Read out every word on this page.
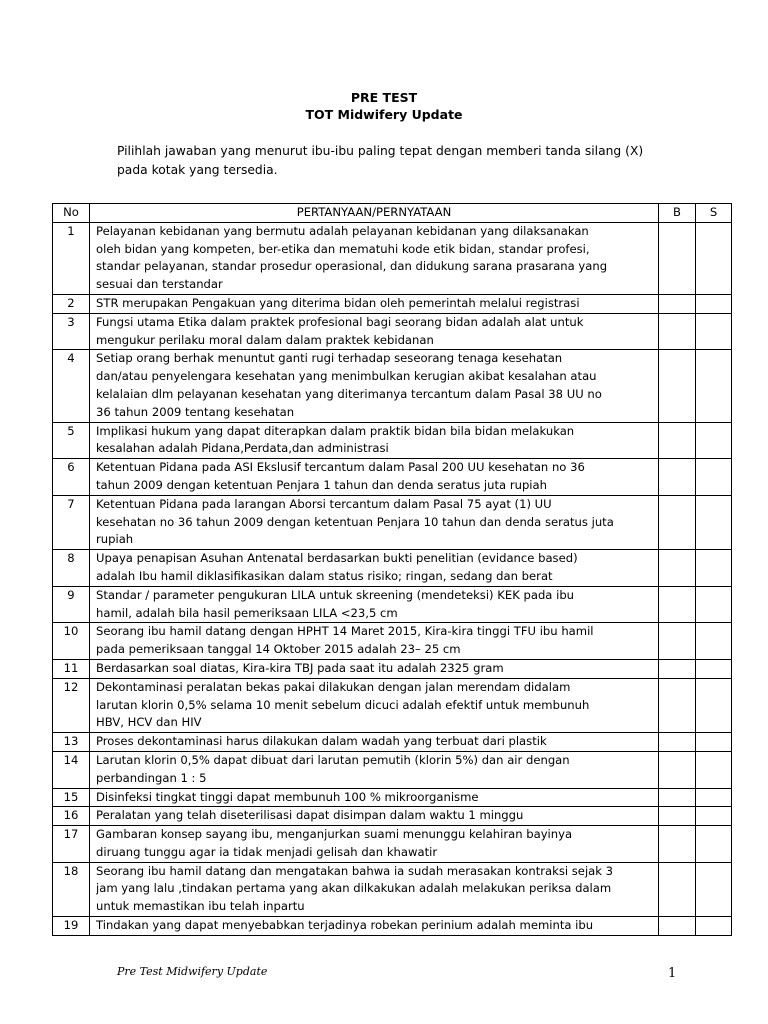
PRE TEST
TOT Midwifery Update
Pilihlah jawaban yang menurut ibu-ibu paling tepat dengan memberi tanda silang (X)
pada kotak yang tersedia.
No	PERTANYAAN/PERNYATAAN	B	S
1	Pelayanan kebidanan yang bermutu adalah pelayanan kebidanan yang dilaksanakan
oleh bidan yang kompeten, ber-etika dan mematuhi kode etik bidan, standar profesi,
standar pelayanan, standar prosedur operasional, dan didukung sarana prasarana yang
sesuai dan terstandar		

2	STR merupakan Pengakuan yang diterima bidan oleh pemerintah melalui registrasi		

3	Fungsi utama Etika dalam praktek profesional bagi seorang bidan adalah alat untuk
mengukur perilaku moral dalam dalam praktek kebidanan		

4	Setiap orang berhak menuntut ganti rugi terhadap seseorang tenaga kesehatan
dan/atau penyelengara kesehatan yang menimbulkan kerugian akibat kesalahan atau
kelalaian dlm pelayanan kesehatan yang diterimanya tercantum dalam Pasal 38 UU no
36 tahun 2009 tentang kesehatan		

5	Implikasi hukum yang dapat diterapkan dalam praktik bidan bila bidan melakukan
kesalahan adalah Pidana,Perdata,dan administrasi		

6	Ketentuan Pidana pada ASI Ekslusif tercantum dalam Pasal 200 UU kesehatan no 36
tahun 2009 dengan ketentuan Penjara 1 tahun dan denda seratus juta rupiah		

7	Ketentuan Pidana pada larangan Aborsi tercantum dalam Pasal 75 ayat (1) UU
kesehatan no 36 tahun 2009 dengan ketentuan Penjara 10 tahun dan denda seratus juta
rupiah		

8	Upaya penapisan Asuhan Antenatal berdasarkan bukti penelitian (evidance based)
adalah Ibu hamil diklasifikasikan dalam status risiko; ringan, sedang dan berat		

9	Standar / parameter pengukuran LILA untuk skreening (mendeteksi) KEK pada ibu
hamil, adalah bila hasil pemeriksaan LILA <23,5 cm		

10	Seorang ibu hamil datang dengan HPHT 14 Maret 2015, Kira-kira tinggi TFU ibu hamil
pada pemeriksaan tanggal 14 Oktober 2015 adalah 23– 25 cm		

11	Berdasarkan soal diatas, Kira-kira TBJ pada saat itu adalah 2325 gram		

12	Dekontaminasi peralatan bekas pakai dilakukan dengan jalan merendam didalam
larutan klorin 0,5% selama 10 menit sebelum dicuci adalah efektif untuk membunuh
HBV, HCV dan HIV		

13	Proses dekontaminasi harus dilakukan dalam wadah yang terbuat dari plastik		

14	Larutan klorin 0,5% dapat dibuat dari larutan pemutih (klorin 5%) dan air dengan
perbandingan 1 : 5		

15	Disinfeksi tingkat tinggi dapat membunuh 100 % mikroorganisme		

16	Peralatan yang telah diseterilisasi dapat disimpan dalam waktu 1 minggu		

17	Gambaran konsep sayang ibu, menganjurkan suami menunggu kelahiran bayinya
diruang tunggu agar ia tidak menjadi gelisah dan khawatir		

18	Seorang ibu hamil datang dan mengatakan bahwa ia sudah merasakan kontraksi sejak 3
jam yang lalu ,tindakan pertama yang akan dilkakukan adalah melakukan periksa dalam
untuk memastikan ibu telah inpartu		

19	Tindakan yang dapat menyebabkan terjadinya robekan perinium adalah meminta ibu		

Pre Test Midwifery Update	1
